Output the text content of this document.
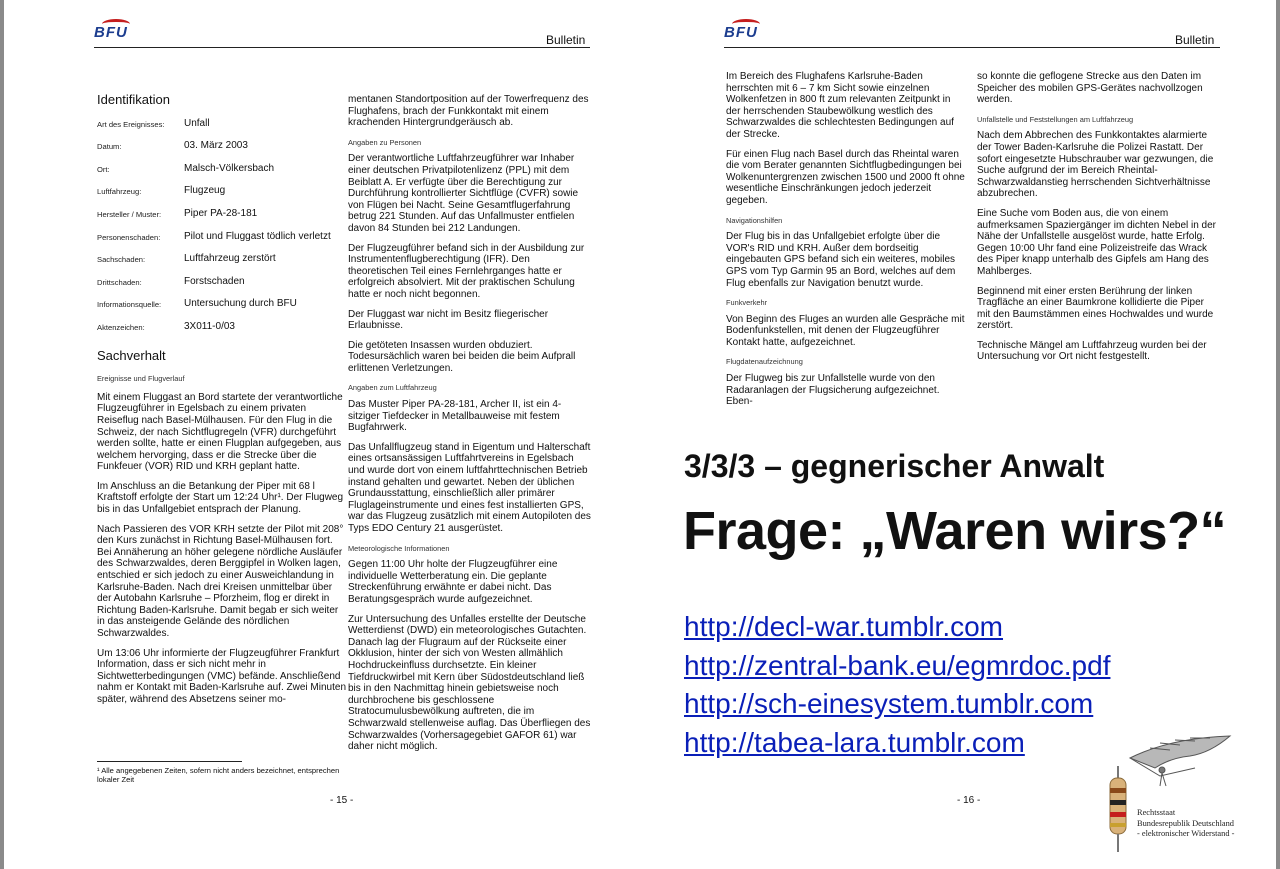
BFU	Bulletin
Identifikation
Art des Ereignisses:	Unfall
Datum:	03. März 2003
Ort:	Malsch-Völkersbach
Luftfahrzeug:	Flugzeug
Hersteller / Muster:	Piper PA-28-181
Personenschaden:	Pilot und Fluggast tödlich verletzt
Sachschaden:	Luftfahrzeug zerstört
Drittschaden:	Forstschaden
Informationsquelle:	Untersuchung durch BFU
Aktenzeichen:	3X011-0/03
Sachverhalt
Ereignisse und Flugverlauf

Mit einem Fluggast an Bord startete der verantwortliche Flugzeugführer in Egelsbach zu einem privaten Reiseflug nach Basel-Mülhausen. Für den Flug in die Schweiz, der nach Sichtflugregeln (VFR) durchgeführt werden sollte, hatte er einen Flugplan aufgegeben, aus welchem hervorging, dass er die Strecke über die Funkfeuer (VOR) RID und KRH geplant hatte.

Im Anschluss an die Betankung der Piper mit 68 l Kraftstoff erfolgte der Start um 12:24 Uhr¹. Der Flugweg bis in das Unfallgebiet entsprach der Planung.

Nach Passieren des VOR KRH setzte der Pilot mit 208° den Kurs zunächst in Richtung Basel-Mülhausen fort. Bei Annäherung an höher gelegene nördliche Ausläufer des Schwarzwaldes, deren Berggipfel in Wolken lagen, entschied er sich jedoch zu einer Ausweichlandung in Karlsruhe-Baden. Nach drei Kreisen unmittelbar über der Autobahn Karlsruhe – Pforzheim, flog er direkt in Richtung Baden-Karlsruhe. Damit begab er sich weiter in das ansteigende Gelände des nördlichen Schwarzwaldes.

Um 13:06 Uhr informierte der Flugzeugführer Frankfurt Information, dass er sich nicht mehr in Sichtwetterbedingungen (VMC) befände. Anschließend nahm er Kontakt mit Baden-Karlsruhe auf. Zwei Minuten später, während des Absetzens seiner mo-

mentanen Standortposition auf der Towerfrequenz des Flughafens, brach der Funkkontakt mit einem krachenden Hintergrundgeräusch ab.

Angaben zu Personen

Der verantwortliche Luftfahrzeugführer war Inhaber einer deutschen Privatpilotenlizenz (PPL) mit dem Beiblatt A. Er verfügte über die Berechtigung zur Durchführung kontrollierter Sichtflüge (CVFR) sowie von Flügen bei Nacht. Seine Gesamtflugerfahrung betrug 221 Stunden. Auf das Unfallmuster entfielen davon 84 Stunden bei 212 Landungen.

Der Flugzeugführer befand sich in der Ausbildung zur Instrumentenflugberechtigung (IFR). Den theoretischen Teil eines Fernlehrganges hatte er erfolgreich absolviert. Mit der praktischen Schulung hatte er noch nicht begonnen.

Der Fluggast war nicht im Besitz fliegerischer Erlaubnisse.

Die getöteten Insassen wurden obduziert. Todesursächlich waren bei beiden die beim Aufprall erlittenen Verletzungen.

Angaben zum Luftfahrzeug

Das Muster Piper PA-28-181, Archer II, ist ein 4-sitziger Tiefdecker in Metallbauweise mit festem Bugfahrwerk.

Das Unfallflugzeug stand in Eigentum und Halterschaft eines ortsansässigen Luftfahrtvereins in Egelsbach und wurde dort von einem luftfahrttechnischen Betrieb instand gehalten und gewartet. Neben der üblichen Grundausstattung, einschließlich aller primärer Fluglageinstrumente und eines fest installierten GPS, war das Flugzeug zusätzlich mit einem Autopiloten des Typs EDO Century 21 ausgerüstet.

Meteorologische Informationen

Gegen 11:00 Uhr holte der Flugzeugführer eine individuelle Wetterberatung ein. Die geplante Streckenführung erwähnte er dabei nicht. Das Beratungsgespräch wurde aufgezeichnet.

Zur Untersuchung des Unfalles erstellte der Deutsche Wetterdienst (DWD) ein meteorologisches Gutachten. Danach lag der Flugraum auf der Rückseite einer Okklusion, hinter der sich von Westen allmählich Hochdruckeinfluss durchsetzte. Ein kleiner Tiefdruckwirbel mit Kern über Südostdeutschland ließ bis in den Nachmittag hinein gebietsweise noch durchbrochene bis geschlossene Stratocumulusbewölkung auftreten, die im Schwarzwald stellenweise auflag. Das Überfliegen des Schwarzwaldes (Vorhersagegebiet GAFOR 61) war daher nicht möglich.

¹ Alle angegebenen Zeiten, sofern nicht anders bezeichnet, entsprechen lokaler Zeit
- 15 -
BFU	Bulletin

Im Bereich des Flughafens Karlsruhe-Baden herrschten mit 6 – 7 km Sicht sowie einzelnen Wolkenfetzen in 800 ft zum relevanten Zeitpunkt in der herrschenden Staubewölkung westlich des Schwarzwaldes die schlechtesten Bedingungen auf der Strecke.

Für einen Flug nach Basel durch das Rheintal waren die vom Berater genannten Sichtflugbedingungen bei Wolkenuntergrenzen zwischen 1500 und 2000 ft ohne wesentliche Einschränkungen jedoch jederzeit gegeben.

Navigationshilfen

Der Flug bis in das Unfallgebiet erfolgte über die VOR's RID und KRH. Außer dem bordseitig eingebauten GPS befand sich ein weiteres, mobiles GPS vom Typ Garmin 95 an Bord, welches auf dem Flug ebenfalls zur Navigation benutzt wurde.

Funkverkehr

Von Beginn des Fluges an wurden alle Gespräche mit Bodenfunkstellen, mit denen der Flugzeugführer Kontakt hatte, aufgezeichnet.

Flugdatenaufzeichnung

Der Flugweg bis zur Unfallstelle wurde von den Radaranlagen der Flugsicherung aufgezeichnet. Eben-

so konnte die geflogene Strecke aus den Daten im Speicher des mobilen GPS-Gerätes nachvollzogen werden.

Unfallstelle und Feststellungen am Luftfahrzeug

Nach dem Abbrechen des Funkkontaktes alarmierte der Tower Baden-Karlsruhe die Polizei Rastatt. Der sofort eingesetzte Hubschrauber war gezwungen, die Suche aufgrund der im Bereich Rheintal-Schwarzwaldanstieg herrschenden Sichtverhältnisse abzubrechen.

Eine Suche vom Boden aus, die von einem aufmerksamen Spaziergänger im dichten Nebel in der Nähe der Unfallstelle ausgelöst wurde, hatte Erfolg. Gegen 10:00 Uhr fand eine Polizeistreife das Wrack des Piper knapp unterhalb des Gipfels am Hang des Mahlberges.

Beginnend mit einer ersten Berührung der linken Tragfläche an einer Baumkrone kollidierte die Piper mit den Baumstämmen eines Hochwaldes und wurde zerstört.

Technische Mängel am Luftfahrzeug wurden bei der Untersuchung vor Ort nicht festgestellt.

- 16 -
3/3/3 – gegnerischer Anwalt
Frage: „Waren wirs?“
http://decl-war.tumblr.com
http://zentral-bank.eu/egmrdoc.pdf
http://sch-einesystem.tumblr.com
http://tabea-lara.tumblr.com
Rechtsstaat
Bundesrepublik Deutschland
- elektronischer Widerstand -
